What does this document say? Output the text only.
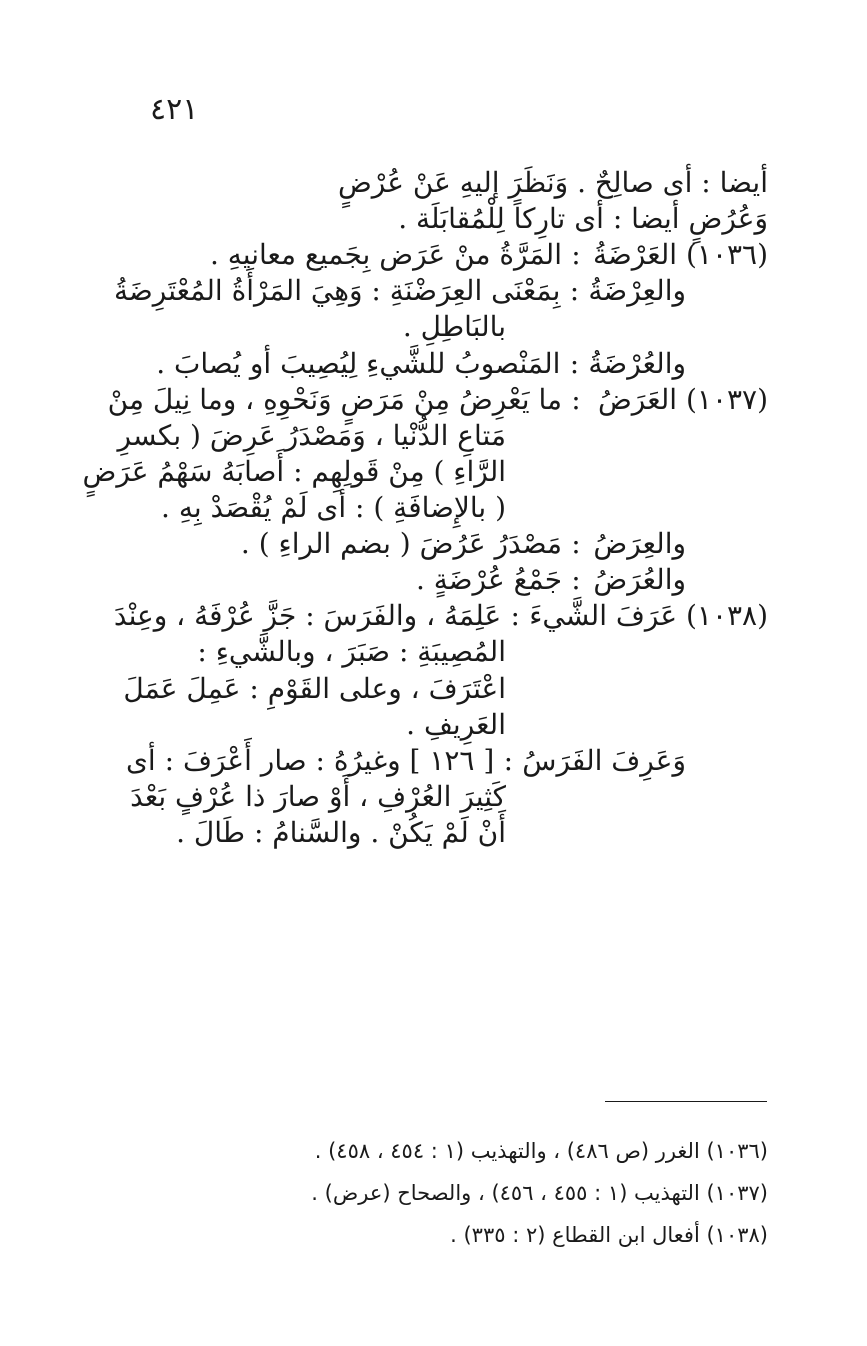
٤٢١
أيضا : أى صالِحٌ . وَنَظَرَ إليهِ عَنْ عُرْضٍ
وَعُرُضٍ أيضا : أى تارِكاً لِلْمُقابَلَة .
(١٠٣٦) العَرْضَةُ
:
المَرَّةُ منْ عَرَض بِجَميع معانيهِ .
والعِرْضَةُ
:
بِمَعْنَى العِرَضْنَةِ : وَهِيَ المَرْأَةُ المُعْتَرِضَةُ
بالبَاطِلِ .
والعُرْضَةُ
:
المَنْصوبُ للشَّيءِ لِيُصِيبَ أو يُصابَ .
(١٠٣٧) العَرَضُ
:
ما يَعْرِضُ مِنْ مَرَضٍ وَنَحْوِهِ ، وما نِيلَ مِنْ
مَتاعِ الدُّنْيا ، وَمَصْدَرُ عَرِضَ ( بكسرِ
الرَّاءِ ) مِنْ قَولِهِم : أَصابَهُ سَهْمُ عَرَضٍ
( بالإِضافَةِ ) : أى لَمْ يُقْصَدْ بِهِ .
والعِرَضُ
:
مَصْدَرُ عَرُضَ ( بضم الراءِ ) .
والعُرَضُ
:
جَمْعُ عُرْضَةٍ .
(١٠٣٨) عَرَفَ الشَّيءَ
:
عَلِمَهُ ، والفَرَسَ : جَزَّ عُرْفَهُ ، وعِنْدَ
المُصِيبَةِ : صَبَرَ ، وبالشَّيءِ :
اعْتَرَفَ ، وعلى القَوْمِ : عَمِلَ عَمَلَ
العَرِيفِ .
وَعَرِفَ الفَرَسُ
:
[ ١٢٦ ] وغيرُهُ : صار أَعْرَفَ : أى
كَثِيرَ العُرْفِ ، أَوْ صارَ ذا عُرْفٍ بَعْدَ
أَنْ لَمْ يَكُنْ . والسَّنامُ : طَالَ .
(١٠٣٦) الغرر (ص ٤٨٦) ، والتهذيب (١ : ٤٥٤ ، ٤٥٨) .
(١٠٣٧) التهذيب (١ : ٤٥٥ ، ٤٥٦) ، والصحاح (عرض) .
(١٠٣٨) أفعال ابن القطاع (٢ : ٣٣٥) .
